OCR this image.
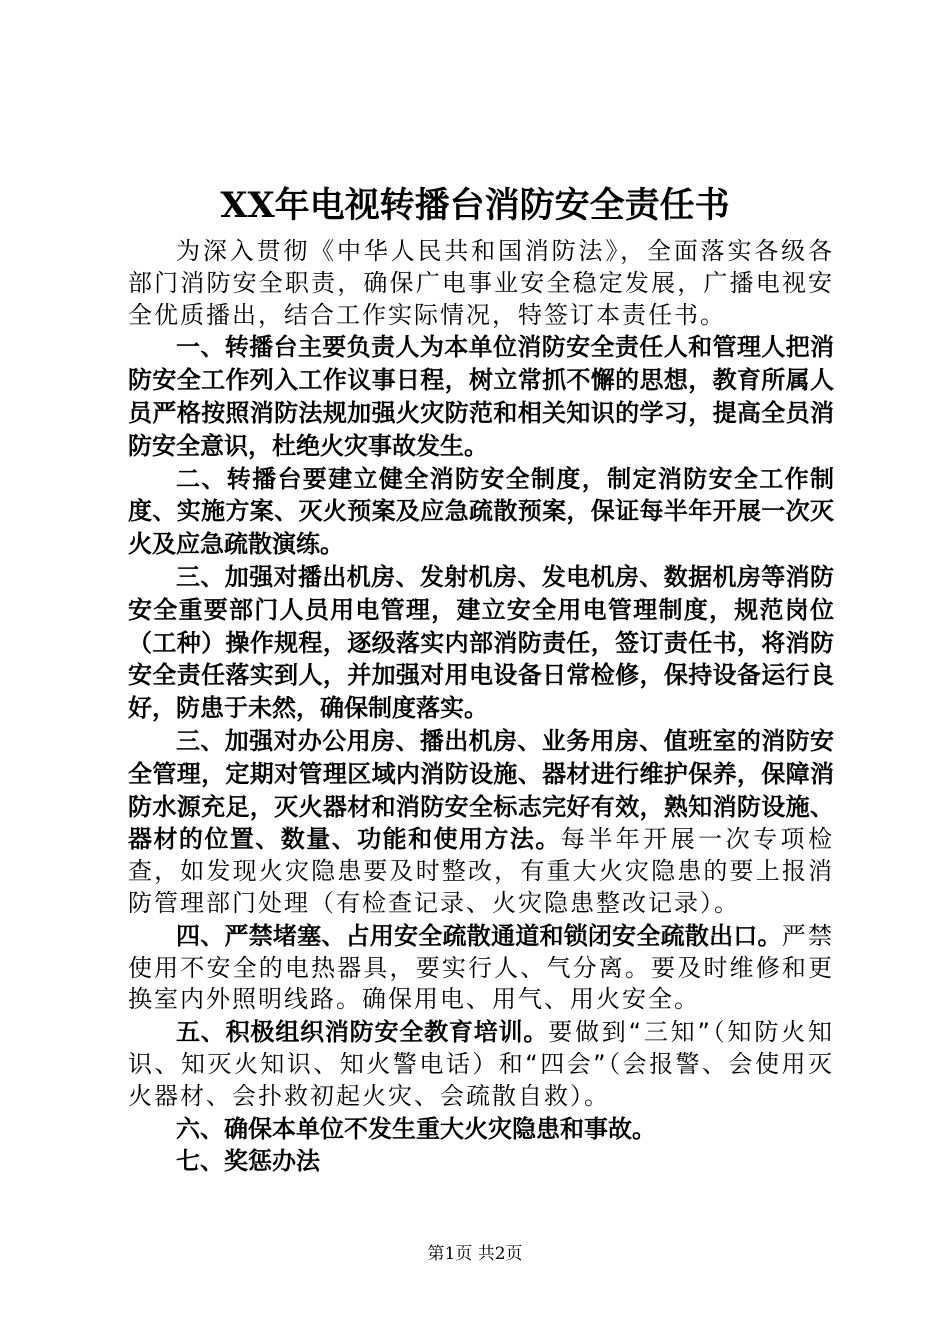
XX年电视转播台消防安全责任书

为深入贯彻《中华人民共和国消防法》，全面落实各级各部门消防安全职责，确保广电事业安全稳定发展，广播电视安全优质播出，结合工作实际情况，特签订本责任书。

一、转播台主要负责人为本单位消防安全责任人和管理人把消防安全工作列入工作议事日程，树立常抓不懈的思想，教育所属人员严格按照消防法规加强火灾防范和相关知识的学习，提高全员消防安全意识，杜绝火灾事故发生。

二、转播台要建立健全消防安全制度，制定消防安全工作制度、实施方案、灭火预案及应急疏散预案，保证每半年开展一次灭火及应急疏散演练。

三、加强对播出机房、发射机房、发电机房、数据机房等消防安全重要部门人员用电管理，建立安全用电管理制度，规范岗位（工种）操作规程，逐级落实内部消防责任，签订责任书，将消防安全责任落实到人，并加强对用电设备日常检修，保持设备运行良好，防患于未然，确保制度落实。

三、加强对办公用房、播出机房、业务用房、值班室的消防安全管理，定期对管理区域内消防设施、器材进行维护保养，保障消防水源充足，灭火器材和消防安全标志完好有效，熟知消防设施、器材的位置、数量、功能和使用方法。每半年开展一次专项检查，如发现火灾隐患要及时整改，有重大火灾隐患的要上报消防管理部门处理（有检查记录、火灾隐患整改记录）。

四、严禁堵塞、占用安全疏散通道和锁闭安全疏散出口。严禁使用不安全的电热器具，要实行人、气分离。要及时维修和更换室内外照明线路。确保用电、用气、用火安全。

五、积极组织消防安全教育培训。要做到“三知”（知防火知识、知灭火知识、知火警电话）和“四会”（会报警、会使用灭火器材、会扑救初起火灾、会疏散自救）。

六、确保本单位不发生重大火灾隐患和事故。

七、奖惩办法

第1页 共2页
